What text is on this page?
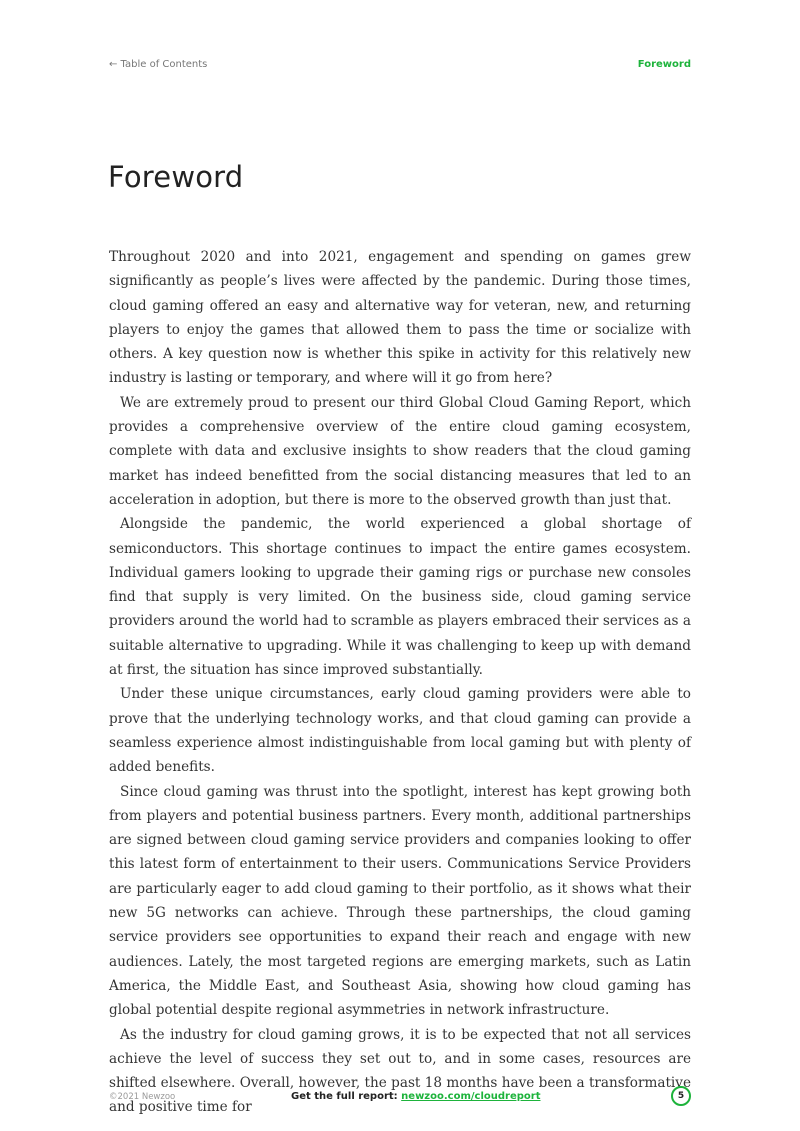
← Table of Contents	Foreword
Foreword

Throughout 2020 and into 2021, engagement and spending on games grew significantly as people’s lives were affected by the pandemic. During those times, cloud gaming offered an easy and alternative way for veteran, new, and returning players to enjoy the games that allowed them to pass the time or socialize with others. A key question now is whether this spike in activity for this relatively new industry is lasting or temporary, and where will it go from here?

We are extremely proud to present our third Global Cloud Gaming Report, which provides a comprehensive overview of the entire cloud gaming ecosystem, complete with data and exclusive insights to show readers that the cloud gaming market has indeed benefitted from the social distancing measures that led to an acceleration in adoption, but there is more to the observed growth than just that.

Alongside the pandemic, the world experienced a global shortage of semiconductors. This shortage continues to impact the entire games ecosystem. Individual gamers looking to upgrade their gaming rigs or purchase new consoles find that supply is very limited. On the business side, cloud gaming service providers around the world had to scramble as players embraced their services as a suitable alternative to upgrading. While it was challenging to keep up with demand at first, the situation has since improved substantially.

Under these unique circumstances, early cloud gaming providers were able to prove that the underlying technology works, and that cloud gaming can provide a seamless experience almost indistinguishable from local gaming but with plenty of added benefits.

Since cloud gaming was thrust into the spotlight, interest has kept growing both from players and potential business partners. Every month, additional partnerships are signed between cloud gaming service providers and companies looking to offer this latest form of entertainment to their users. Communications Service Providers are particularly eager to add cloud gaming to their portfolio, as it shows what their new 5G networks can achieve. Through these partnerships, the cloud gaming service providers see opportunities to expand their reach and engage with new audiences. Lately, the most targeted regions are emerging markets, such as Latin America, the Middle East, and Southeast Asia, showing how cloud gaming has global potential despite regional asymmetries in network infrastructure.

As the industry for cloud gaming grows, it is to be expected that not all services achieve the level of success they set out to, and in some cases, resources are shifted elsewhere. Overall, however, the past 18 months have been a transformative and positive time for

©2021 Newzoo	Get the full report: newzoo.com/cloudreport	5
